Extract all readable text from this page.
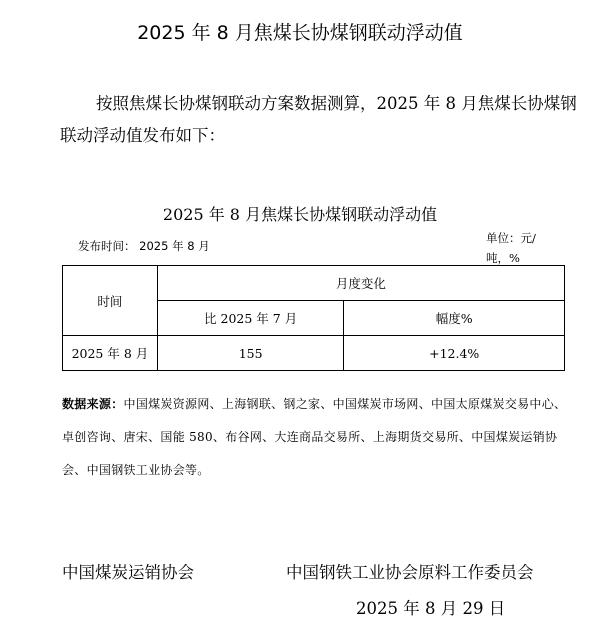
2025 年 8 月焦煤长协煤钢联动浮动值
按照焦煤长协煤钢联动方案数据测算，2025 年 8 月焦煤长协煤钢联动浮动值发布如下：
2025 年 8 月焦煤长协煤钢联动浮动值
发布时间： 2025 年 8 月
单位：元/吨，%
时间	月度变化	
	比 2025 年 7 月	幅度%
2025 年 8 月	155	+12.4%
数据来源：中国煤炭资源网、上海钢联、钢之家、中国煤炭市场网、中国太原煤炭交易中心、卓创咨询、唐宋、国能 580、布谷网、大连商品交易所、上海期货交易所、中国煤炭运销协会、中国钢铁工业协会等。
中国煤炭运销协会	中国钢铁工业协会原料工作委员会
2025 年 8 月 29 日
